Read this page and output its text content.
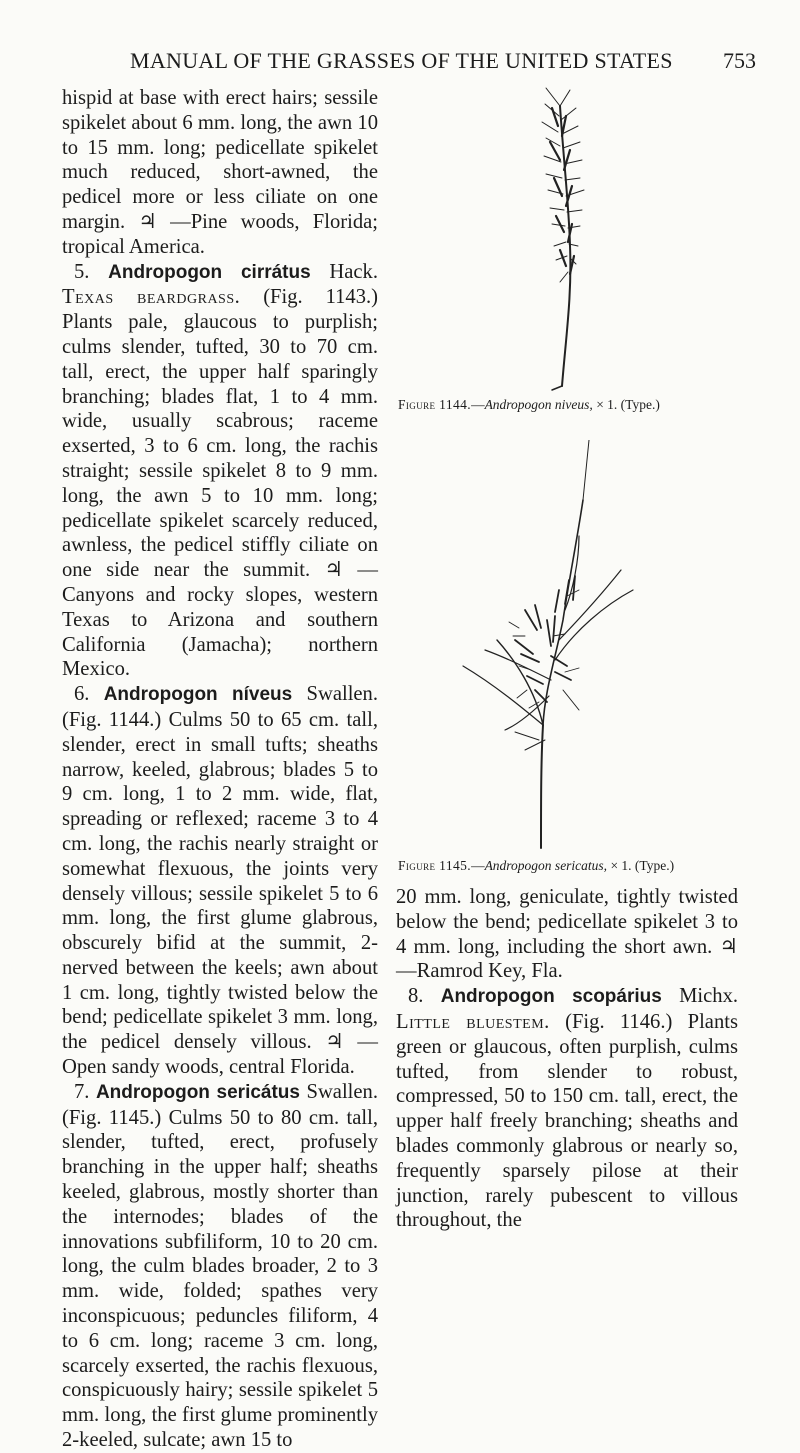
MANUAL OF THE GRASSES OF THE UNITED STATES 753

hispid at base with erect hairs; sessile spikelet about 6 mm. long, the awn 10 to 15 mm. long; pedicellate spikelet much reduced, short-awned, the pedicel more or less ciliate on one margin. ♃ —Pine woods, Florida; tropical America.

5. Andropogon cirrátus Hack. Texas beardgrass. (Fig. 1143.) Plants pale, glaucous to purplish; culms slender, tufted, 30 to 70 cm. tall, erect, the upper half sparingly branching; blades flat, 1 to 4 mm. wide, usually scabrous; raceme exserted, 3 to 6 cm. long, the rachis straight; sessile spikelet 8 to 9 mm. long, the awn 5 to 10 mm. long; pedicellate spikelet scarcely reduced, awnless, the pedicel stiffly ciliate on one side near the summit. ♃ —Canyons and rocky slopes, western Texas to Arizona and southern California (Jamacha); northern Mexico.

6. Andropogon níveus Swallen. (Fig. 1144.) Culms 50 to 65 cm. tall, slender, erect in small tufts; sheaths narrow, keeled, glabrous; blades 5 to 9 cm. long, 1 to 2 mm. wide, flat, spreading or reflexed; raceme 3 to 4 cm. long, the rachis nearly straight or somewhat flexuous, the joints very densely villous; sessile spikelet 5 to 6 mm. long, the first glume glabrous, obscurely bifid at the summit, 2-nerved between the keels; awn about 1 cm. long, tightly twisted below the bend; pedicellate spikelet 3 mm. long, the pedicel densely villous. ♃ —Open sandy woods, central Florida.

7. Andropogon sericátus Swallen. (Fig. 1145.) Culms 50 to 80 cm. tall, slender, tufted, erect, profusely branching in the upper half; sheaths keeled, glabrous, mostly shorter than the internodes; blades of the innovations subfiliform, 10 to 20 cm. long, the culm blades broader, 2 to 3 mm. wide, folded; spathes very inconspicuous; peduncles filiform, 4 to 6 cm. long; raceme 3 cm. long, scarcely exserted, the rachis flexuous, conspicuously hairy; sessile spikelet 5 mm. long, the first glume prominently 2-keeled, sulcate; awn 15 to

Figure 1144.—Andropogon niveus, × 1. (Type.)
Figure 1145.—Andropogon sericatus, × 1. (Type.)

20 mm. long, geniculate, tightly twisted below the bend; pedicellate spikelet 3 to 4 mm. long, including the short awn. ♃ —Ramrod Key, Fla.

8. Andropogon scopárius Michx. Little bluestem. (Fig. 1146.) Plants green or glaucous, often purplish, culms tufted, from slender to robust, compressed, 50 to 150 cm. tall, erect, the upper half freely branching; sheaths and blades commonly glabrous or nearly so, frequently sparsely pilose at their junction, rarely pubescent to villous throughout, the
